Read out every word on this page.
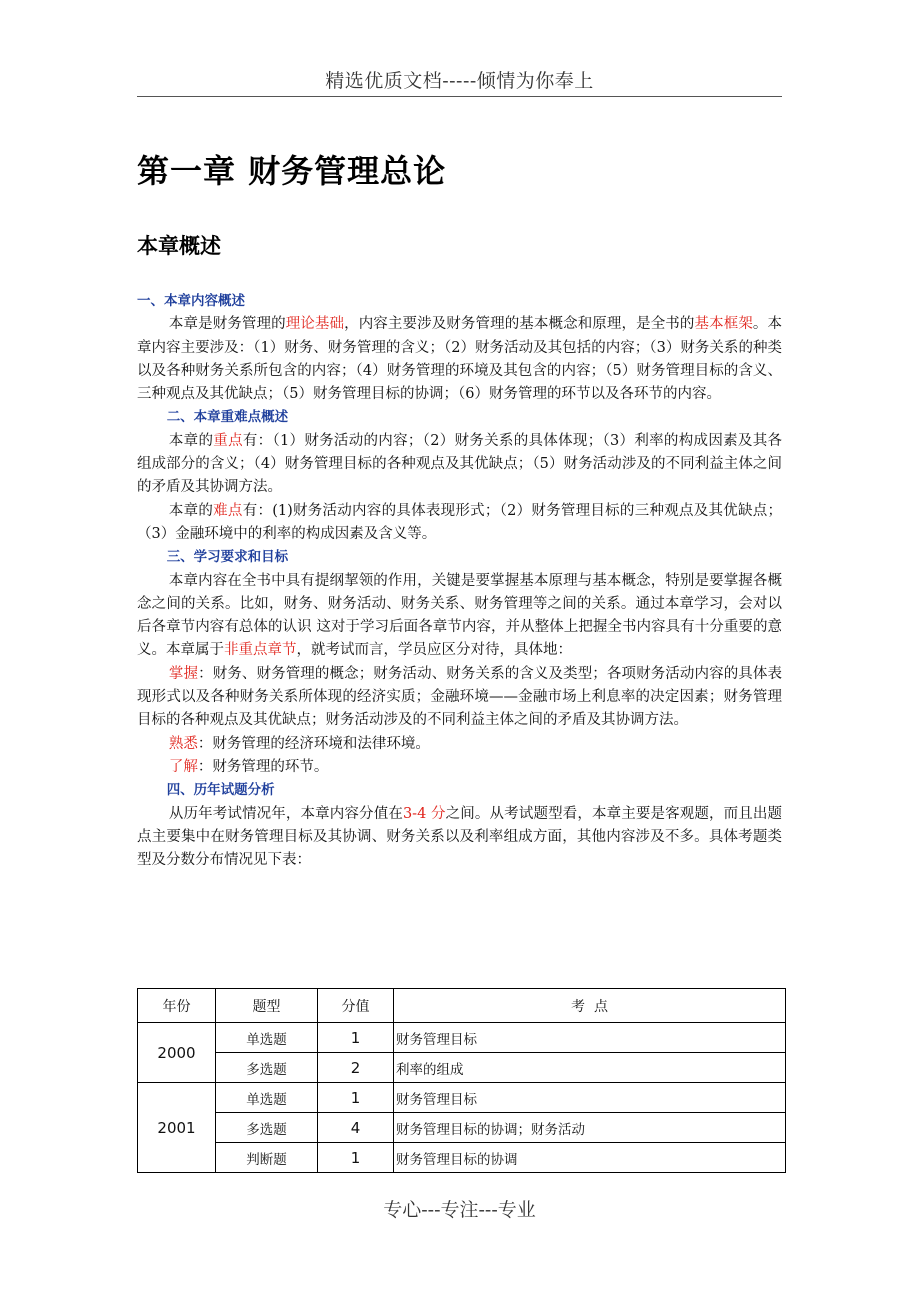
精选优质文档-----倾情为你奉上
第一章 财务管理总论
本章概述

一、本章内容概述

本章是财务管理的理论基础，内容主要涉及财务管理的基本概念和原理，是全书的基本框架。本章内容主要涉及：（1）财务、财务管理的含义；（2）财务活动及其包括的内容；（3）财务关系的种类以及各种财务关系所包含的内容；（4）财务管理的环境及其包含的内容；（5）财务管理目标的含义、三种观点及其优缺点；（5）财务管理目标的协调；（6）财务管理的环节以及各环节的内容。

二、本章重难点概述

本章的重点有：（1）财务活动的内容；（2）财务关系的具体体现；（3）利率的构成因素及其各组成部分的含义；（4）财务管理目标的各种观点及其优缺点；（5）财务活动涉及的不同利益主体之间的矛盾及其协调方法。

本章的难点有：(1)财务活动内容的具体表现形式；（2）财务管理目标的三种观点及其优缺点；（3）金融环境中的利率的构成因素及含义等。

三、学习要求和目标

本章内容在全书中具有提纲挈领的作用，关键是要掌握基本原理与基本概念，特别是要掌握各概念之间的关系。比如，财务、财务活动、财务关系、财务管理等之间的关系。通过本章学习，会对以后各章节内容有总体的认识 这对于学习后面各章节内容，并从整体上把握全书内容具有十分重要的意义。本章属于非重点章节，就考试而言，学员应区分对待，具体地：

掌握：财务、财务管理的概念；财务活动、财务关系的含义及类型；各项财务活动内容的具体表现形式以及各种财务关系所体现的经济实质；金融环境——金融市场上利息率的决定因素；财务管理目标的各种观点及其优缺点；财务活动涉及的不同利益主体之间的矛盾及其协调方法。

熟悉：财务管理的经济环境和法律环境。

了解：财务管理的环节。

四、历年试题分析

从历年考试情况年，本章内容分值在3-4 分之间。从考试题型看，本章主要是客观题，而且出题点主要集中在财务管理目标及其协调、财务关系以及利率组成方面，其他内容涉及不多。具体考题类型及分数分布情况见下表：

年份	题型	分值	考  点
2000	单选题	1	财务管理目标
	多选题	2	利率的组成
2001	单选题	1	财务管理目标
	多选题	4	财务管理目标的协调；财务活动
	判断题	1	财务管理目标的协调
专心---专注---专业
